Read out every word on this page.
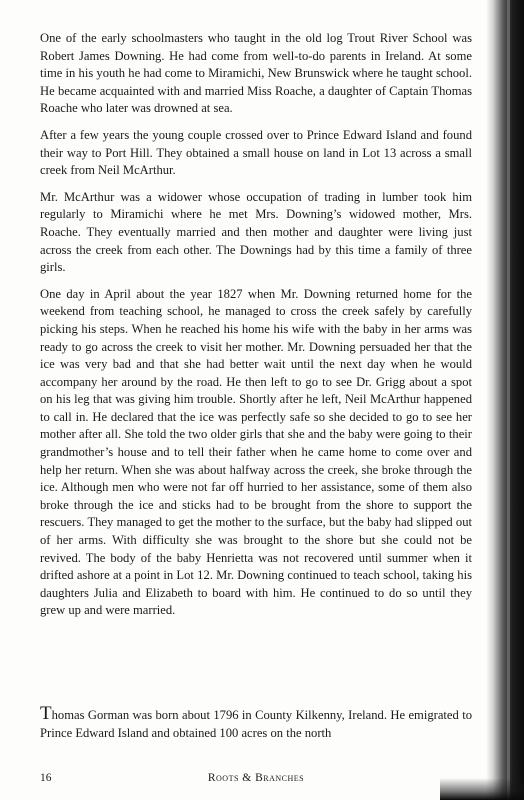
One of the early schoolmasters who taught in the old log Trout River School was Robert James Downing. He had come from well-to-do parents in Ireland. At some time in his youth he had come to Miramichi, New Brunswick where he taught school. He became acquainted with and married Miss Roache, a daughter of Captain Thomas Roache who later was drowned at sea.

After a few years the young couple crossed over to Prince Edward Island and found their way to Port Hill. They obtained a small house on land in Lot 13 across a small creek from Neil McArthur.

Mr. McArthur was a widower whose occupation of trading in lumber took him regularly to Miramichi where he met Mrs. Downing’s widowed mother, Mrs. Roache. They eventually married and then mother and daughter were living just across the creek from each other. The Downings had by this time a family of three girls.

One day in April about the year 1827 when Mr. Downing returned home for the weekend from teaching school, he managed to cross the creek safely by carefully picking his steps. When he reached his home his wife with the baby in her arms was ready to go across the creek to visit her mother. Mr. Downing persuaded her that the ice was very bad and that she had better wait until the next day when he would accompany her around by the road. He then left to go to see Dr. Grigg about a spot on his leg that was giving him trouble. Shortly after he left, Neil McArthur happened to call in. He declared that the ice was perfectly safe so she decided to go to see her mother after all. She told the two older girls that she and the baby were going to their grandmother’s house and to tell their father when he came home to come over and help her return. When she was about halfway across the creek, she broke through the ice. Although men who were not far off hurried to her assistance, some of them also broke through the ice and sticks had to be brought from the shore to support the rescuers. They managed to get the mother to the surface, but the baby had slipped out of her arms. With difficulty she was brought to the shore but she could not be revived. The body of the baby Henrietta was not recovered until summer when it drifted ashore at a point in Lot 12. Mr. Downing continued to teach school, taking his daughters Julia and Elizabeth to board with him. He continued to do so until they grew up and were married.

Thomas Gorman was born about 1796 in County Kilkenny, Ireland. He emigrated to Prince Edward Island and obtained 100 acres on the north
16	Roots & Branches
